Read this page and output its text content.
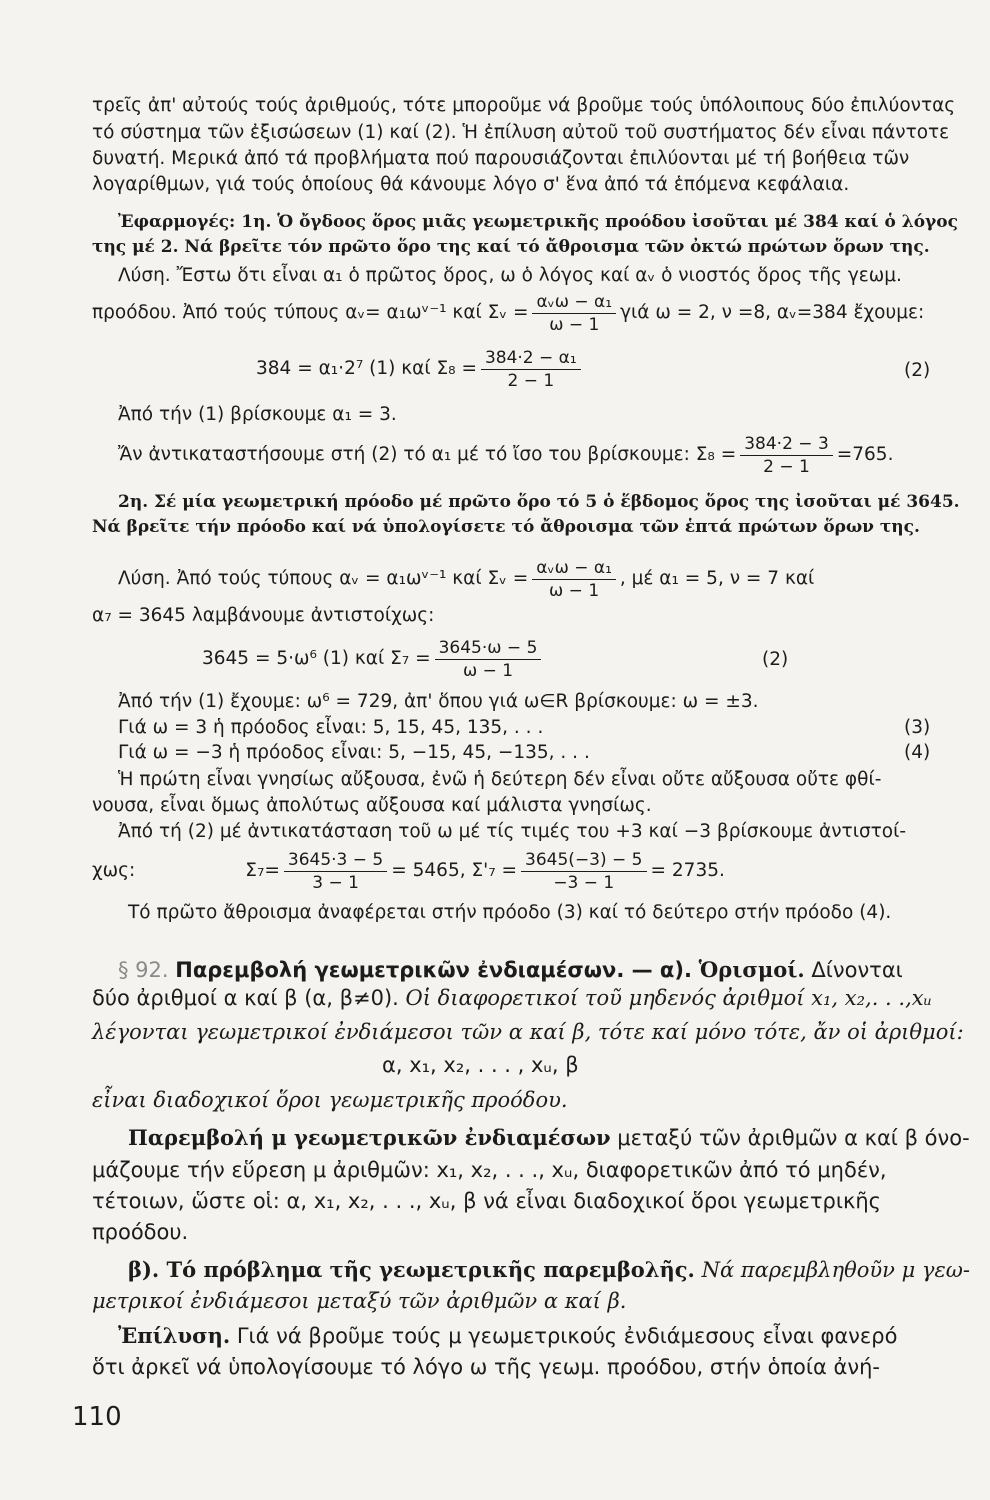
τρεῖς ἀπ' αὐτούς τούς ἀριθμούς, τότε μποροῦμε νά βροῦμε τούς ὑπόλοιπους δύο ἐπιλύοντας
τό σύστημα τῶν ἐξισώσεων (1) καί (2). Ἡ ἐπίλυση αὐτοῦ τοῦ συστήματος δέν εἶναι πάντοτε
δυνατή. Μερικά ἀπό τά προβλήματα πού παρουσιάζονται ἐπιλύονται μέ τή βοήθεια τῶν
λογαρίθμων, γιά τούς ὁποίους θά κάνουμε λόγο σ' ἕνα ἀπό τά ἑπόμενα κεφάλαια.
Ἐφαρμογές: 1η. Ὁ ὄγδοος ὅρος μιᾶς γεωμετρικῆς προόδου ἰσοῦται μέ 384 καί ὁ λόγος
της μέ 2. Νά βρεῖτε τόν πρῶτο ὅρο της καί τό ἄθροισμα τῶν ὀκτώ πρώτων ὅρων της.
Λύση. Ἔστω ὅτι εἶναι α₁ ὁ πρῶτος ὅρος, ω ὁ λόγος καί αᵥ ὁ νιοστός ὅρος τῆς γεωμ.
προόδου. Ἀπό τούς τύπους αᵥ= α₁ωᵛ⁻¹ καί Σᵥ = $\frac{\text{αᵥω − α₁}}{\omega - 1}$ γιά ω = 2, ν =8, αᵥ=384 ἔχουμε:
384 = α₁·2⁷ (1) καί $\Sigma_8 = \frac{\text{384·2 − α₁}}{2 - 1}$	(2)
Ἀπό τήν (1) βρίσκουμε α₁ = 3.
Ἄν ἀντικαταστήσουμε στή (2) τό α₁ μέ τό ἴσο του βρίσκουμε: $\Sigma_8 = \frac{384\cdot 2 - 3}{2 - 1} =765$.
2η. Σέ μία γεωμετρική πρόοδο μέ πρῶτο ὅρο τό 5 ὁ ἕβδομος ὅρος της ἰσοῦται μέ 3645.
Νά βρεῖτε τήν πρόοδο καί νά ὑπολογίσετε τό ἄθροισμα τῶν ἑπτά πρώτων ὅρων της.
Λύση. Ἀπό τούς τύπους αᵥ = α₁ωᵛ⁻¹ καί Σᵥ = $\frac{\text{αᵥω − α₁}}{\omega - 1}$ , μέ α₁ = 5, ν = 7 καί
α₇ = 3645 λαμβάνουμε ἀντιστοίχως:
3645 = 5·ω⁶ (1) καί $\Sigma_7 = \frac{3645\cdot\omega - 5}{\omega - 1}$	(2)
Ἀπό τήν (1) ἔχουμε: ω⁶ = 729, ἀπ' ὅπου γιά ω∈R βρίσκουμε: ω = ±3.
Γιά ω = 3 ἡ πρόοδος εἶναι: 5, 15, 45, 135, . . .	(3)
Γιά ω = −3 ἡ πρόοδος εἶναι: 5, −15, 45, −135, . . .	(4)
Ἡ πρώτη εἶναι γνησίως αὔξουσα, ἐνῶ ἡ δεύτερη δέν εἶναι οὔτε αὔξουσα οὔτε φθί-
νουσα, εἶναι ὅμως ἀπολύτως αὔξουσα καί μάλιστα γνησίως.
Ἀπό τή (2) μέ ἀντικατάσταση τοῦ ω μέ τίς τιμές του +3 καί −3 βρίσκουμε ἀντιστοί-
χως:	$\Sigma_7= \frac{3645\cdot 3 - 5}{3 - 1} = 5465$, $\Sigma'_7 = \frac{3645(-3) - 5}{-3 - 1} = 2735$.
Τό πρῶτο ἄθροισμα ἀναφέρεται στήν πρόοδο (3) καί τό δεύτερο στήν πρόοδο (4).
§ 92. Παρεμβολή γεωμετρικῶν ἐνδιαμέσων. — α). Ὁρισμοί. Δίνονται
δύο ἀριθμοί α καί β (α, β≠0). Οἱ διαφορετικοί τοῦ μηδενός ἀριθμοί x₁, x₂,. . .,xᵤ
λέγονται γεωμετρικοί ἐνδιάμεσοι τῶν α καί β, τότε καί μόνο τότε, ἄν οἱ ἀριθμοί:
α, x₁, x₂, . . . , xᵤ, β
εἶναι διαδοχικοί ὅροι γεωμετρικῆς προόδου.
Παρεμβολή μ γεωμετρικῶν ἐνδιαμέσων μεταξύ τῶν ἀριθμῶν α καί β όνο-
μάζουμε τήν εὕρεση μ ἀριθμῶν: x₁, x₂, . . ., xᵤ, διαφορετικῶν ἀπό τό μηδέν,
τέτοιων, ὥστε οἱ: α, x₁, x₂, . . ., xᵤ, β νά εἶναι διαδοχικοί ὅροι γεωμετρικῆς
προόδου.
β). Τό πρόβλημα τῆς γεωμετρικῆς παρεμβολῆς. Νά παρεμβληθοῦν μ γεω-
μετρικοί ἐνδιάμεσοι μεταξύ τῶν ἀριθμῶν α καί β.
Ἐπίλυση. Γιά νά βροῦμε τούς μ γεωμετρικούς ἐνδιάμεσους εἶναι φανερό
ὅτι ἀρκεῖ νά ὑπολογίσουμε τό λόγο ω τῆς γεωμ. προόδου, στήν ὁποία ἀνή-
110
